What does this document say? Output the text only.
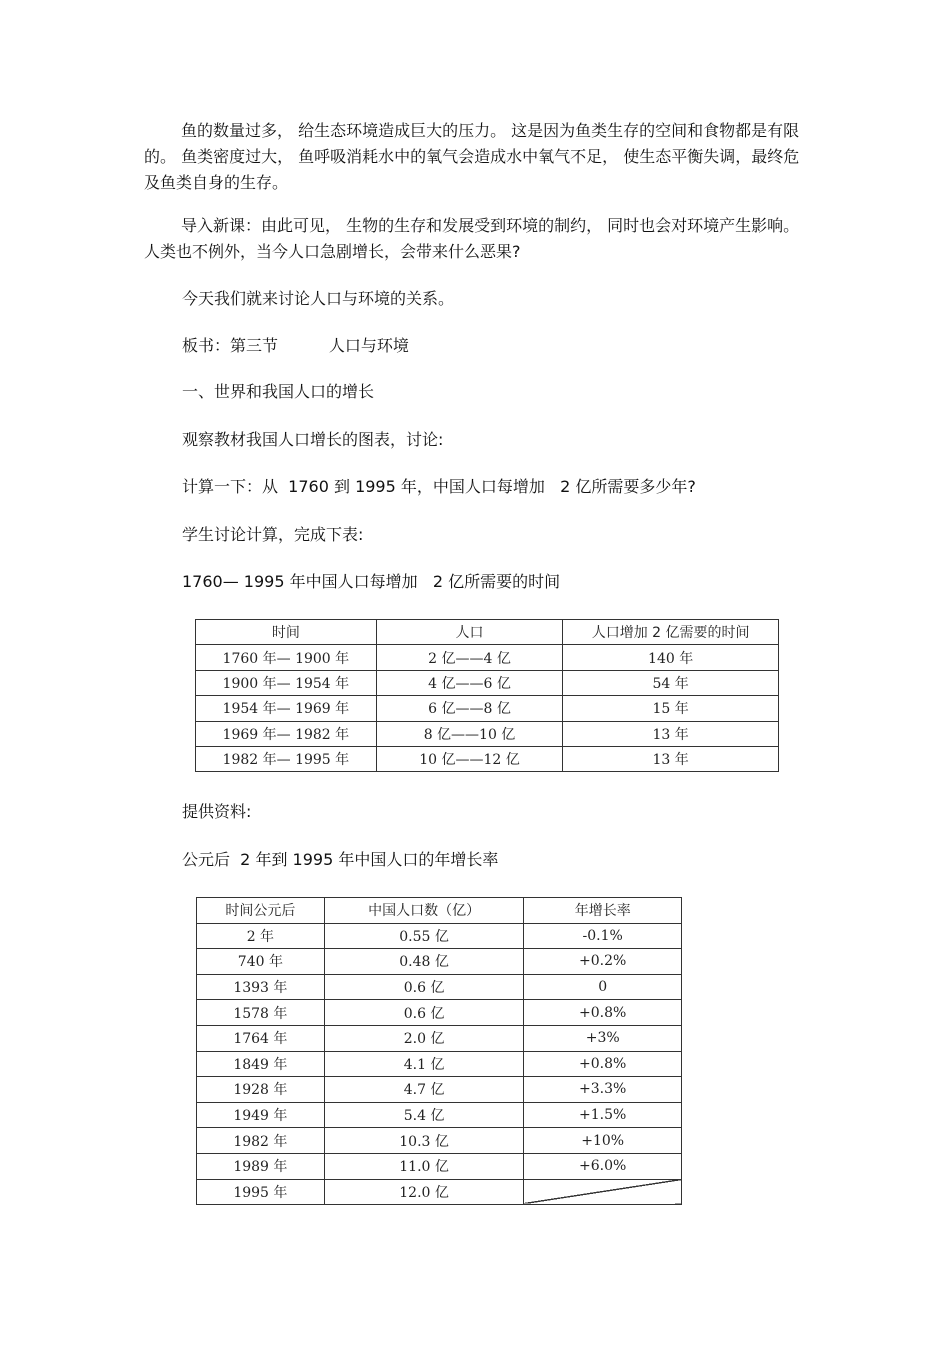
鱼的数量过多， 给生态环境造成巨大的压力。 这是因为鱼类生存的空间和食物都是有限的。 鱼类密度过大， 鱼呼吸消耗水中的氧气会造成水中氧气不足， 使生态平衡失调，最终危及鱼类自身的生存。

导入新课：由此可见， 生物的生存和发展受到环境的制约， 同时也会对环境产生影响。人类也不例外，当今人口急剧增长，会带来什么恶果?

今天我们就来讨论人口与环境的关系。

板书：第三节          人口与环境

一、世界和我国人口的增长

观察教材我国人口增长的图表，讨论:

计算一下：从  1760 到 1995 年，中国人口每增加   2 亿所需要多少年?

学生讨论计算，完成下表:

1760— 1995 年中国人口每增加   2 亿所需要的时间

时间	人口	人口增加 2 亿需要的时间
1760 年— 1900 年	2 亿——4 亿	140 年
1900 年— 1954 年	4 亿——6 亿	54 年
1954 年— 1969 年	6 亿——8 亿	15 年
1969 年— 1982 年	8 亿——10 亿	13 年
1982 年— 1995 年	10 亿——12 亿	13 年

提供资料:

公元后  2 年到 1995 年中国人口的年增长率

时间公元后	中国人口数（亿）	年增长率
2 年	0.55 亿	-0.1%
740 年	0.48 亿	+0.2%
1393 年	0.6 亿	0
1578 年	0.6 亿	+0.8%
1764 年	2.0 亿	+3%
1849 年	4.1 亿	+0.8%
1928 年	4.7 亿	+3.3%
1949 年	5.4 亿	+1.5%
1982 年	10.3 亿	+10%
1989 年	11.0 亿	+6.0%
1995 年	12.0 亿	
